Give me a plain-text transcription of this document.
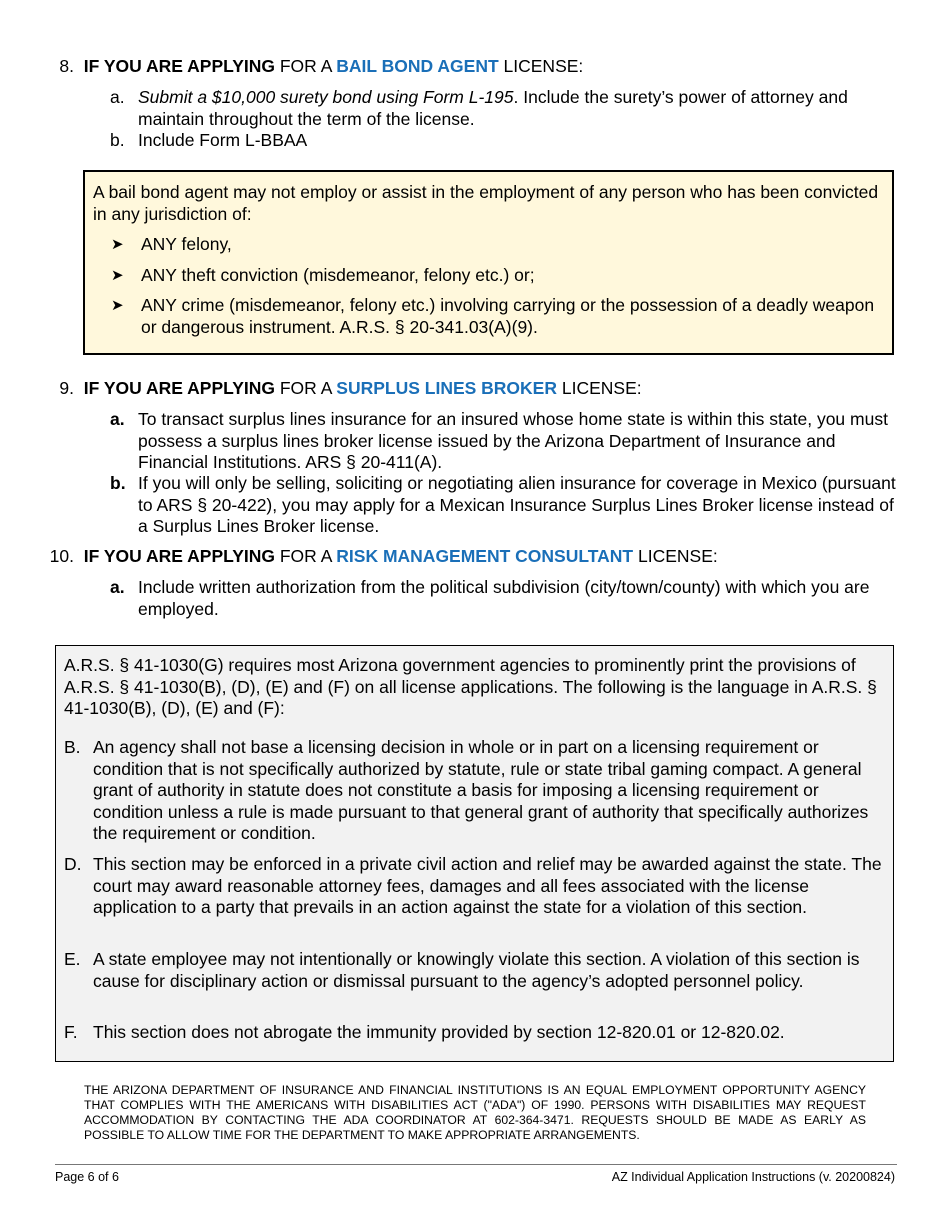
8. IF YOU ARE APPLYING FOR A BAIL BOND AGENT LICENSE:
a. Submit a $10,000 surety bond using Form L-195. Include the surety’s power of attorney and maintain throughout the term of the license.
b. Include Form L-BBAA
A bail bond agent may not employ or assist in the employment of any person who has been convicted in any jurisdiction of:
➤ ANY felony,
➤ ANY theft conviction (misdemeanor, felony etc.) or;
➤ ANY crime (misdemeanor, felony etc.) involving carrying or the possession of a deadly weapon or dangerous instrument. A.R.S. § 20-341.03(A)(9).
9. IF YOU ARE APPLYING FOR A SURPLUS LINES BROKER LICENSE:
a. To transact surplus lines insurance for an insured whose home state is within this state, you must possess a surplus lines broker license issued by the Arizona Department of Insurance and Financial Institutions. ARS § 20-411(A).
b. If you will only be selling, soliciting or negotiating alien insurance for coverage in Mexico (pursuant to ARS § 20-422), you may apply for a Mexican Insurance Surplus Lines Broker license instead of a Surplus Lines Broker license.
10. IF YOU ARE APPLYING FOR A RISK MANAGEMENT CONSULTANT LICENSE:
a. Include written authorization from the political subdivision (city/town/county) with which you are employed.
A.R.S. § 41-1030(G) requires most Arizona government agencies to prominently print the provisions of A.R.S. § 41-1030(B), (D), (E) and (F) on all license applications. The following is the language in A.R.S. § 41-1030(B), (D), (E) and (F):
B. An agency shall not base a licensing decision in whole or in part on a licensing requirement or condition that is not specifically authorized by statute, rule or state tribal gaming compact. A general grant of authority in statute does not constitute a basis for imposing a licensing requirement or condition unless a rule is made pursuant to that general grant of authority that specifically authorizes the requirement or condition.
D. This section may be enforced in a private civil action and relief may be awarded against the state. The court may award reasonable attorney fees, damages and all fees associated with the license application to a party that prevails in an action against the state for a violation of this section.
E. A state employee may not intentionally or knowingly violate this section. A violation of this section is cause for disciplinary action or dismissal pursuant to the agency’s adopted personnel policy.
F. This section does not abrogate the immunity provided by section 12-820.01 or 12-820.02.
THE ARIZONA DEPARTMENT OF INSURANCE AND FINANCIAL INSTITUTIONS IS AN EQUAL EMPLOYMENT OPPORTUNITY AGENCY THAT COMPLIES WITH THE AMERICANS WITH DISABILITIES ACT ("ADA") OF 1990. PERSONS WITH DISABILITIES MAY REQUEST ACCOMMODATION BY CONTACTING THE ADA COORDINATOR AT 602-364-3471. REQUESTS SHOULD BE MADE AS EARLY AS POSSIBLE TO ALLOW TIME FOR THE DEPARTMENT TO MAKE APPROPRIATE ARRANGEMENTS.
Page 6 of 6	AZ Individual Application Instructions (v. 20200824)
